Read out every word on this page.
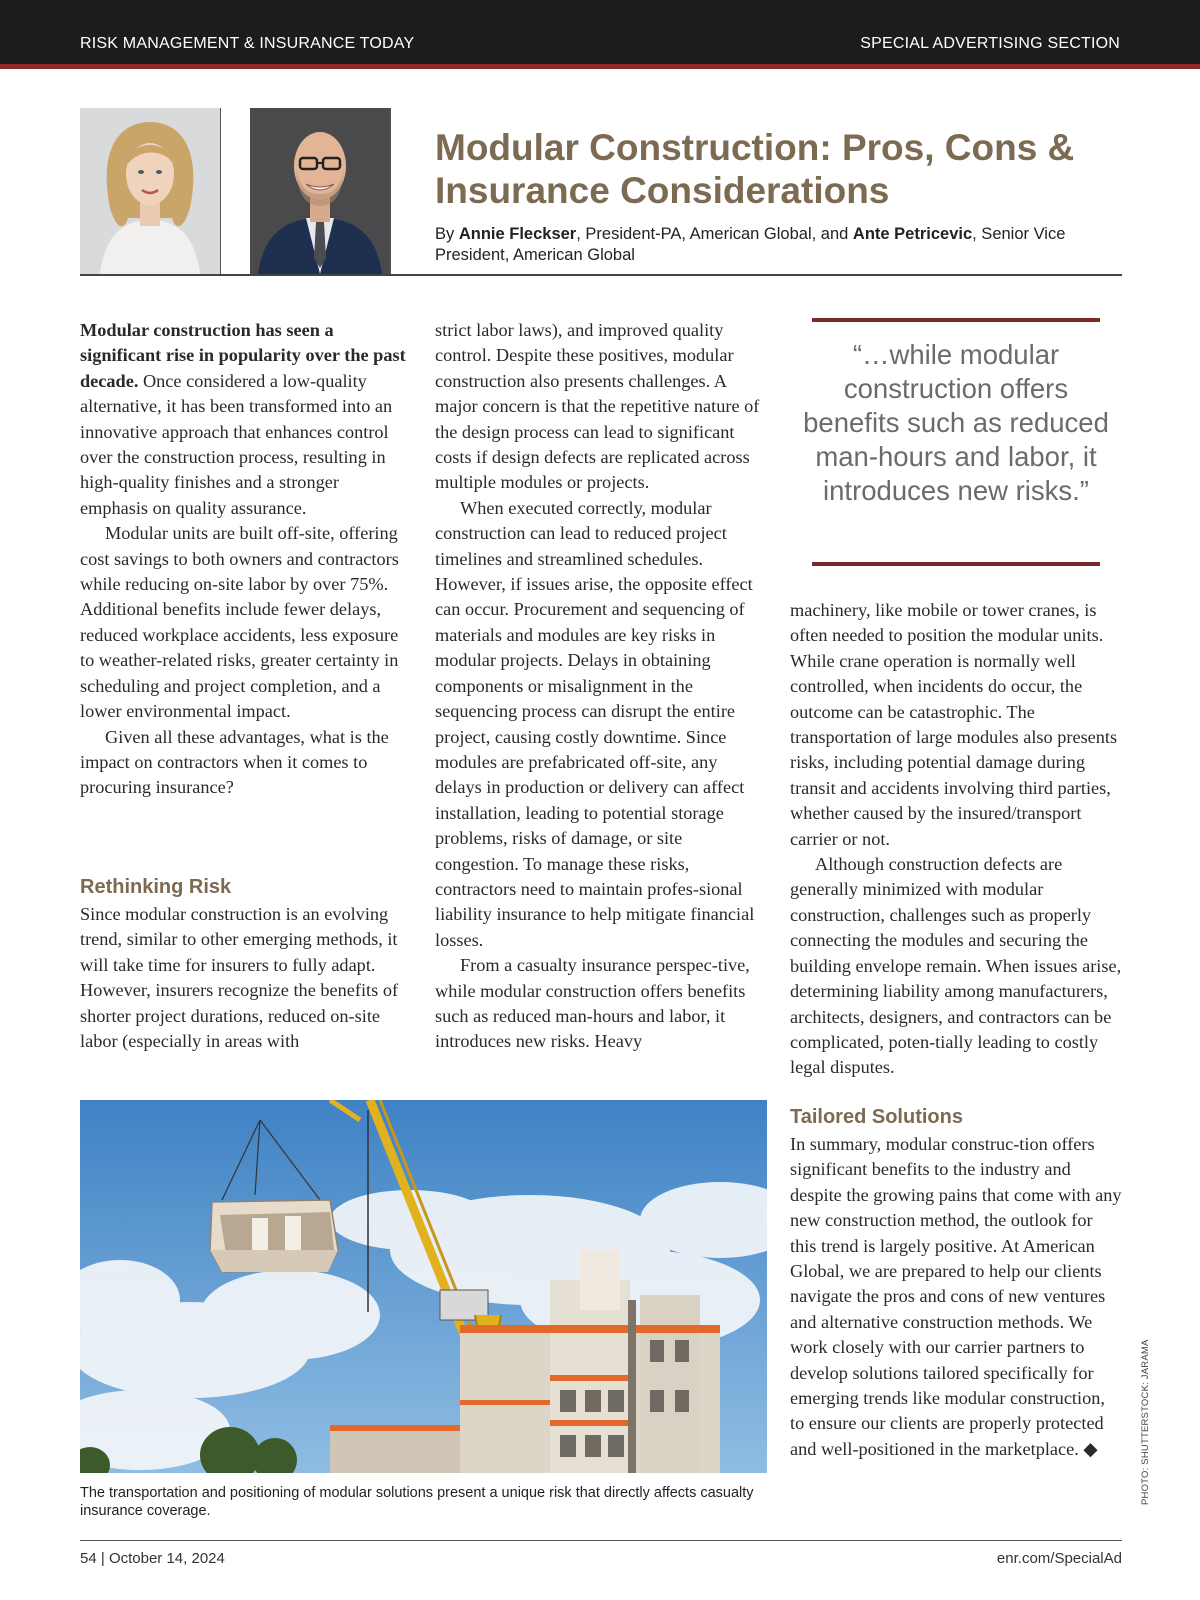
RISK MANAGEMENT & INSURANCE TODAY	SPECIAL ADVERTISING SECTION
Modular Construction: Pros, Cons & Insurance Considerations
By Annie Fleckser, President-PA, American Global, and Ante Petricevic, Senior Vice President, American Global

Modular construction has seen a significant rise in popularity over the past decade. Once considered a low-quality alternative, it has been transformed into an innovative approach that enhances control over the construction process, resulting in high-quality finishes and a stronger emphasis on quality assurance.

Modular units are built off-site, offering cost savings to both owners and contractors while reducing on-site labor by over 75%. Additional benefits include fewer delays, reduced workplace accidents, less exposure to weather-related risks, greater certainty in scheduling and project completion, and a lower environmental impact.

Given all these advantages, what is the impact on contractors when it comes to procuring insurance?

Rethinking Risk

Since modular construction is an evolving trend, similar to other emerging methods, it will take time for insurers to fully adapt. However, insurers recognize the benefits of shorter project durations, reduced on-site labor (especially in areas with

strict labor laws), and improved quality control. Despite these positives, modular construction also presents challenges. A major concern is that the repetitive nature of the design process can lead to significant costs if design defects are replicated across multiple modules or projects.

When executed correctly, modular construction can lead to reduced project timelines and streamlined schedules. However, if issues arise, the opposite effect can occur. Procurement and sequencing of materials and modules are key risks in modular projects. Delays in obtaining components or misalignment in the sequencing process can disrupt the entire project, causing costly downtime. Since modules are prefabricated off-site, any delays in production or delivery can affect installation, leading to potential storage problems, risks of damage, or site congestion. To manage these risks, contractors need to maintain profes-sional liability insurance to help mitigate financial losses.

From a casualty insurance perspec-tive, while modular construction offers benefits such as reduced man-hours and labor, it introduces new risks. Heavy

“…while modular construction offers benefits such as reduced man-hours and labor, it introduces new risks.”

machinery, like mobile or tower cranes, is often needed to position the modular units. While crane operation is normally well controlled, when incidents do occur, the outcome can be catastrophic. The transportation of large modules also presents risks, including potential damage during transit and accidents involving third parties, whether caused by the insured/transport carrier or not.

Although construction defects are generally minimized with modular construction, challenges such as properly connecting the modules and securing the building envelope remain. When issues arise, determining liability among manufacturers, architects, designers, and contractors can be complicated, poten-tially leading to costly legal disputes.

Tailored Solutions

In summary, modular construc-tion offers significant benefits to the industry and despite the growing pains that come with any new construction method, the outlook for this trend is largely positive. At American Global, we are prepared to help our clients navigate the pros and cons of new ventures and alternative construction methods. We work closely with our carrier partners to develop solutions tailored specifically for emerging trends like modular construction, to ensure our clients are properly protected and well-positioned in the marketplace. ◆

The transportation and positioning of modular solutions present a unique risk that directly affects casualty insurance coverage.
PHOTO: SHUTTERSTOCK: JARAMA
54 | October 14, 2024	enr.com/SpecialAd
